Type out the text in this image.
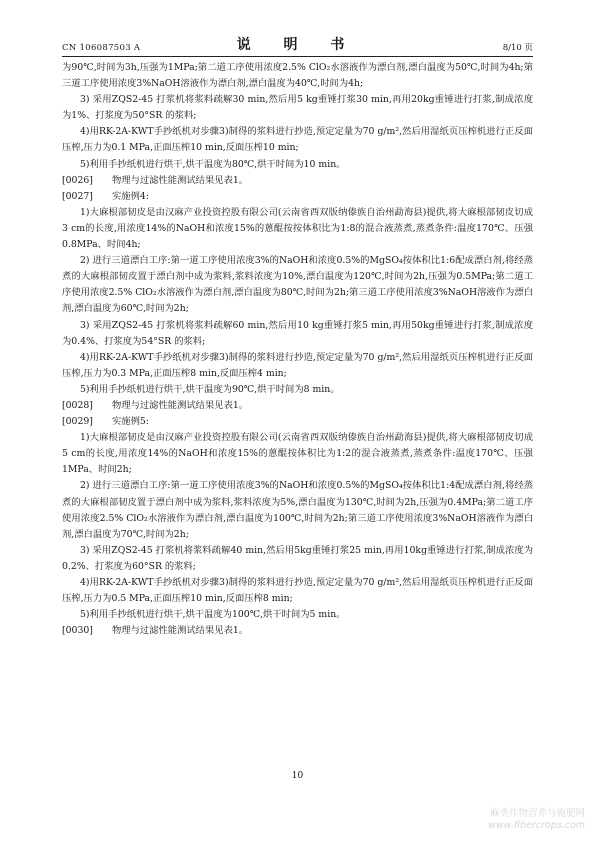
CN 106087503 A	说 明 书	8/10 页

为90℃,时间为3h,压强为1MPa;第二道工序使用浓度2.5% ClO₂水溶液作为漂白剂,漂白温度为50℃,时间为4h;第三道工序使用浓度3%NaOH溶液作为漂白剂,漂白温度为40℃,时间为4h;

3) 采用ZQS2-45 打浆机将浆料疏解30 min,然后用5 kg重锤打浆30 min,再用20kg重锤进行打浆,制成浓度为1%、打浆度为50°SR 的浆料;

4)用RK-2A-KWT手抄纸机对步骤3)制得的浆料进行抄造,预定定量为70 g/m²,然后用湿纸页压榨机进行正反面压榨,压力为0.1 MPa,正面压榨10 min,反面压榨10 min;

5)利用手抄纸机进行烘干,烘干温度为80℃,烘干时间为10 min。

[0026]	物理与过滤性能测试结果见表1。
[0027]	实施例4:

1)大麻根部韧皮是由汉麻产业投资控股有限公司(云南省西双版纳傣族自治州勐海县)提供,将大麻根部韧皮切成3 cm的长度,用浓度14%的NaOH和浓度15%的蒽醌按按体积比为1:8的混合液蒸煮,蒸煮条件:温度170℃、压强0.8MPa、时间4h;

2) 进行三道漂白工序:第一道工序使用浓度3%的NaOH和浓度0.5%的MgSO₄按体积比1:6配成漂白剂,将经蒸煮的大麻根部韧皮置于漂白剂中成为浆料,浆料浓度为10%,漂白温度为120℃,时间为2h,压强为0.5MPa;第二道工序使用浓度2.5% ClO₂水溶液作为漂白剂,漂白温度为80℃,时间为2h;第三道工序使用浓度3%NaOH溶液作为漂白剂,漂白温度为60℃,时间为2h;

3) 采用ZQS2-45 打浆机将浆料疏解60 min,然后用10 kg重锤打浆5 min,再用50kg重锤进行打浆,制成浓度为0.4%、打浆度为54°SR 的浆料;

4)用RK-2A-KWT手抄纸机对步骤3)制得的浆料进行抄造,预定定量为70 g/m²,然后用湿纸页压榨机进行正反面压榨,压力为0.3 MPa,正面压榨8 min,反面压榨4 min;

5)利用手抄纸机进行烘干,烘干温度为90℃,烘干时间为8 min。

[0028]	物理与过滤性能测试结果见表1。
[0029]	实施例5:

1)大麻根部韧皮是由汉麻产业投资控股有限公司(云南省西双版纳傣族自治州勐海县)提供,将大麻根部韧皮切成5 cm的长度,用浓度14%的NaOH和浓度15%的蒽醌按体积比为1:2的混合液蒸煮,蒸煮条件:温度170℃、压强1MPa、时间2h;

2) 进行三道漂白工序:第一道工序使用浓度3%的NaOH和浓度0.5%的MgSO₄按体积比1:4配成漂白剂,将经蒸煮的大麻根部韧皮置于漂白剂中成为浆料,浆料浓度为5%,漂白温度为130℃,时间为2h,压强为0.4MPa;第二道工序使用浓度2.5% ClO₂水溶液作为漂白剂,漂白温度为100℃,时间为2h;第三道工序使用浓度3%NaOH溶液作为漂白剂,漂白温度为70℃,时间为2h;

3) 采用ZQS2-45 打浆机将浆料疏解40 min,然后用5kg重锤打浆25 min,再用10kg重锤进行打浆,制成浓度为0.2%、打浆度为60°SR 的浆料;

4)用RK-2A-KWT手抄纸机对步骤3)制得的浆料进行抄造,预定定量为70 g/m²,然后用湿纸页压榨机进行正反面压榨,压力为0.5 MPa,正面压榨10 min,反面压榨8 min;

5)利用手抄纸机进行烘干,烘干温度为100℃,烘干时间为5 min。

[0030]	物理与过滤性能测试结果见表1。
10
麻类作物营养与施肥网
www.fibercrops.com
